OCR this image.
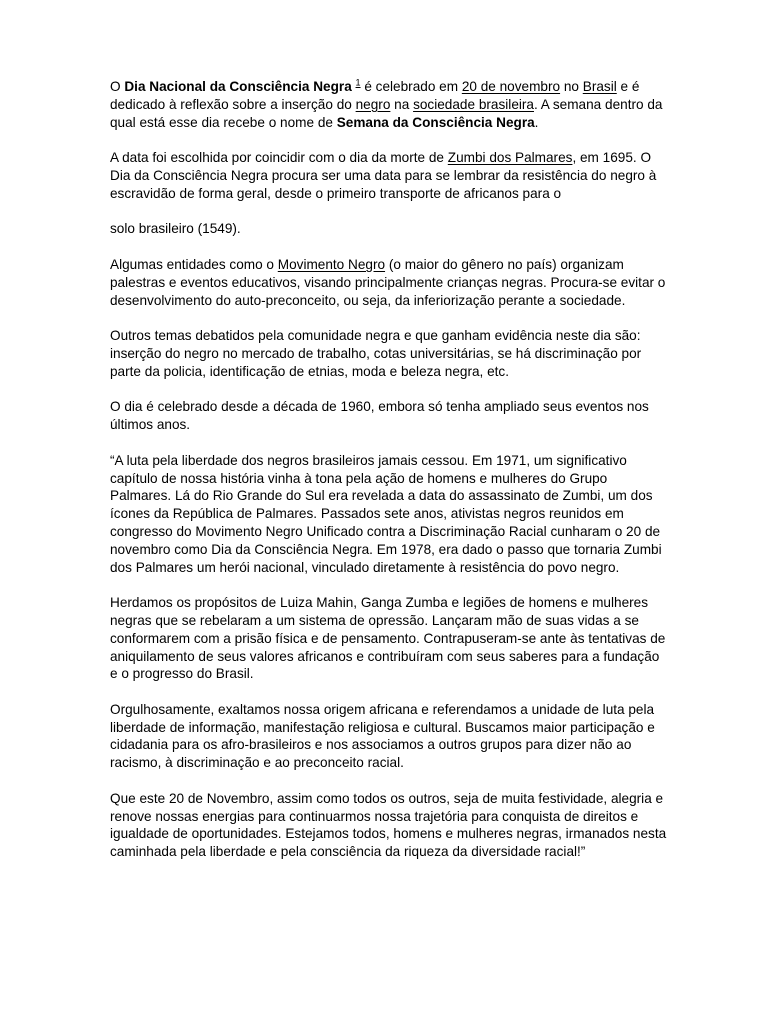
O Dia Nacional da Consciência Negra $^1$ é celebrado em 20 de novembro no Brasil e é dedicado à reflexão sobre a inserção do negro na sociedade brasileira. A semana dentro da qual está esse dia recebe o nome de Semana da Consciência Negra.

A data foi escolhida por coincidir com o dia da morte de Zumbi dos Palmares, em 1695. O Dia da Consciência Negra procura ser uma data para se lembrar da resistência do negro à escravidão de forma geral, desde o primeiro transporte de africanos para o

solo brasileiro (1549).

Algumas entidades como o Movimento Negro (o maior do gênero no país) organizam palestras e eventos educativos, visando principalmente crianças negras. Procura-se evitar o desenvolvimento do auto-preconceito, ou seja, da inferiorização perante a sociedade.

Outros temas debatidos pela comunidade negra e que ganham evidência neste dia são: inserção do negro no mercado de trabalho, cotas universitárias, se há discriminação por parte da policia, identificação de etnias, moda e beleza negra, etc.

O dia é celebrado desde a década de 1960, embora só tenha ampliado seus eventos nos últimos anos.

“A luta pela liberdade dos negros brasileiros jamais cessou. Em 1971, um significativo capítulo de nossa história vinha à tona pela ação de homens e mulheres do Grupo Palmares. Lá do Rio Grande do Sul era revelada a data do assassinato de Zumbi, um dos ícones da República de Palmares. Passados sete anos, ativistas negros reunidos em congresso do Movimento Negro Unificado contra a Discriminação Racial cunharam o 20 de novembro como Dia da Consciência Negra. Em 1978, era dado o passo que tornaria Zumbi dos Palmares um herói nacional, vinculado diretamente à resistência do povo negro.

Herdamos os propósitos de Luiza Mahin, Ganga Zumba e legiões de homens e mulheres negras que se rebelaram a um sistema de opressão. Lançaram mão de suas vidas a se conformarem com a prisão física e de pensamento. Contrapuseram-se ante às tentativas de aniquilamento de seus valores africanos e contribuíram com seus saberes para a fundação e o progresso do Brasil.

Orgulhosamente, exaltamos nossa origem africana e referendamos a unidade de luta pela liberdade de informação, manifestação religiosa e cultural. Buscamos maior participação e cidadania para os afro-brasileiros e nos associamos a outros grupos para dizer não ao racismo, à discriminação e ao preconceito racial.

Que este 20 de Novembro, assim como todos os outros, seja de muita festividade, alegria e renove nossas energias para continuarmos nossa trajetória para conquista de direitos e igualdade de oportunidades. Estejamos todos, homens e mulheres negras, irmanados nesta caminhada pela liberdade e pela consciência da riqueza da diversidade racial!”
